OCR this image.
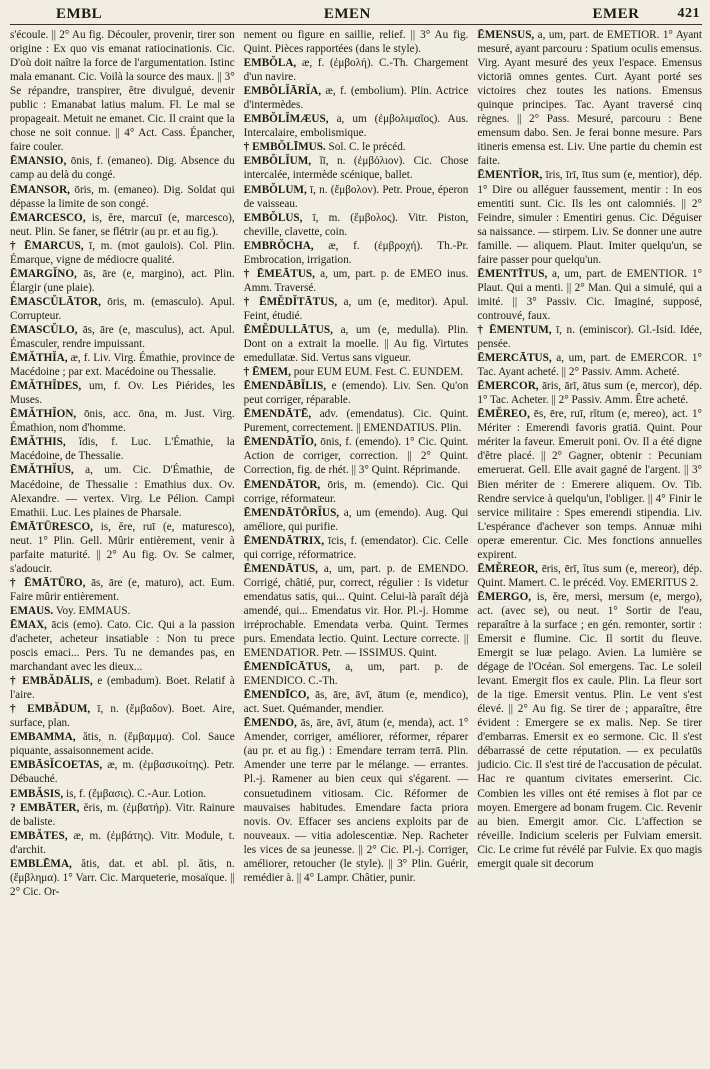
EMBL	EMEN	EMER	421

s'écoule. || 2° Au fig. Découler, provenir, tirer son origine : Ex quo vis emanat ratiocinationis. Cic. D'où doit naître la force de l'argumentation. Istinc mala emanant. Cic. Voilà la source des maux. || 3° Se répandre, transpirer, être divulgué, devenir public : Emanabat latius malum. Fl. Le mal se propageait. Metuit ne emanet. Cic. Il craint que la chose ne soit connue. || 4° Act. Cass. Épancher, faire couler.

ĒMANSIO, ōnis, f. (emaneo). Dig. Absence du camp au delà du congé.

ĒMANSOR, ōris, m. (emaneo). Dig. Soldat qui dépasse la limite de son congé.

ĒMARCESCO, is, ĕre, marcuī (e, marcesco), neut. Plin. Se faner, se flétrir (au pr. et au fig.).

† ĒMARCUS, ī, m. (mot gaulois). Col. Plin. Émarque, vigne de médiocre qualité.

ĒMARGĬNO, ās, āre (e, margino), act. Plin. Élargir (une plaie).

ĒMASCŬLĀTOR, ōris, m. (emasculo). Apul. Corrupteur.

ĒMASCŬLO, ās, āre (e, masculus), act. Apul. Émasculer, rendre impuissant.

ĒMĂTHĬA, æ, f. Liv. Virg. Émathie, province de Macédoine ; par ext. Macédoine ou Thessalie.

ĒMĂTHĬDES, um, f. Ov. Les Piérides, les Muses.

ĒMĂTHĬON, ōnis, acc. ōna, m. Just. Virg. Émathion, nom d'homme.

ĒMĂTHIS, ĭdis, f. Luc. L'Émathie, la Macédoine, de Thessalie.

ĒMĂTHĬUS, a, um. Cic. D'Émathie, de Macédoine, de Thessalie : Emathius dux. Ov. Alexandre. — vertex. Virg. Le Pélion. Campi Emathii. Luc. Les plaines de Pharsale.

ĒMĀTŪRESCO, is, ĕre, ruī (e, maturesco), neut. 1° Plin. Gell. Mûrir entièrement, venir à parfaite maturité. || 2° Au fig. Ov. Se calmer, s'adoucir.

† ĒMĀTŪRO, ās, āre (e, maturo), act. Eum. Faire mûrir entièrement.

EMAUS. Voy. EMMAUS.

ĒMAX, ācis (emo). Cato. Cic. Qui a la passion d'acheter, acheteur insatiable : Non tu prece poscis emaci... Pers. Tu ne demandes pas, en marchandant avec les dieux...

† EMBĂDĀLIS, e (embadum). Boet. Relatif à l'aire.

† EMBĂDUM, ī, n. (ἔμβαδον). Boet. Aire, surface, plan.

EMBAMMA, ătis, n. (ἔμβαμμα). Col. Sauce piquante, assaisonnement acide.

EMBĀSĬCOETAS, æ, m. (ἐμβασικοίτης). Petr. Débauché.

EMBĂSIS, is, f. (ἔμβασις). C.-Aur. Lotion.

? EMBĀTER, ĕris, m. (ἐμβατήρ). Vitr. Rainure de baliste.

EMBĂTES, æ, m. (ἐμβάτης). Vitr. Module, t. d'archit.

EMBLĒMA, ătis, dat. et abl. pl. ătis, n. (ἔμβλημα). 1° Varr. Cic. Marqueterie, mosaïque. || 2° Cic. Or-

nement ou figure en saillie, relief. || 3° Au fig. Quint. Pièces rapportées (dans le style).

EMBŎLA, æ, f. (ἐμβολή). C.-Th. Chargement d'un navire.

EMBŎLĬĀRĬA, æ, f. (embolium). Plin. Actrice d'intermèdes.

EMBŎLĬMÆUS, a, um (ἐμβολιμαῖος). Aus. Intercalaire, embolismique.

† EMBŎLĪMUS. Sol. C. le précéd.

EMBŎLĬUM, ĭī, n. (ἐμβόλιον). Cic. Chose intercalée, intermède scénique, ballet.

EMBŎLUM, ī, n. (ἔμβολον). Petr. Proue, éperon de vaisseau.

EMBŎLUS, ī, m. (ἔμβολος). Vitr. Piston, cheville, clavette, coin.

EMBRŎCHA, æ, f. (ἐμβροχή). Th.-Pr. Embrocation, irrigation.

† ĒMEĀTUS, a, um, part. p. de EMEO inus. Amm. Traversé.

† ĒMĔDĬTĀTUS, a, um (e, meditor). Apul. Feint, étudié.

ĒMĔDULLĀTUS, a, um (e, medulla). Plin. Dont on a extrait la moelle. || Au fig. Virtutes emedullatæ. Sid. Vertus sans vigueur.

† ĒMEM, pour EUM EUM. Fest. C. EUNDEM.

ĒMENDĀBĬLIS, e (emendo). Liv. Sen. Qu'on peut corriger, réparable.

ĒMENDĀTĒ, adv. (emendatus). Cic. Quint. Purement, correctement. || EMENDATIUS. Plin.

ĒMENDĀTĬO, ōnis, f. (emendo). 1° Cic. Quint. Action de corriger, correction. || 2° Quint. Correction, fig. de rhét. || 3° Quint. Réprimande.

ĒMENDĀTOR, ōris, m. (emendo). Cic. Qui corrige, réformateur.

ĒMENDĀTŌRĬUS, a, um (emendo). Aug. Qui améliore, qui purifie.

ĒMENDĀTRIX, īcis, f. (emendator). Cic. Celle qui corrige, réformatrice.

ĒMENDĀTUS, a, um, part. p. de EMENDO. Corrigé, châtié, pur, correct, régulier : Is videtur emendatus satis, qui... Quint. Celui-là paraît déjà amendé, qui... Emendatus vir. Hor. Pl.-j. Homme irréprochable. Emendata verba. Quint. Termes purs. Emendata lectio. Quint. Lecture correcte. || EMENDATIOR. Petr. — ISSIMUS. Quint.

ĒMENDĪCĀTUS, a, um, part. p. de EMENDICO. C.-Th.

ĒMENDĪCO, ās, āre, āvī, ātum (e, mendico), act. Suet. Quémander, mendier.

ĒMENDO, ās, āre, āvī, ātum (e, menda), act. 1° Amender, corriger, améliorer, réformer, réparer (au pr. et au fig.) : Emendare terram terrā. Plin. Amender une terre par le mélange. — errantes. Pl.-j. Ramener au bien ceux qui s'égarent. — consuetudinem vitiosam. Cic. Réformer de mauvaises habitudes. Emendare facta priora novis. Ov. Effacer ses anciens exploits par de nouveaux. — vitia adolescentiæ. Nep. Racheter les vices de sa jeunesse. || 2° Cic. Pl.-j. Corriger, améliorer, retoucher (le style). || 3° Plin. Guérir, remédier à. || 4° Lampr. Châtier, punir.

ĒMENSUS, a, um, part. de EMETIOR. 1° Ayant mesuré, ayant parcouru : Spatium oculis emensus. Virg. Ayant mesuré des yeux l'espace. Emensus victoriā omnes gentes. Curt. Ayant porté ses victoires chez toutes les nations. Emensus quinque principes. Tac. Ayant traversé cinq règnes. || 2° Pass. Mesuré, parcouru : Bene emensum dabo. Sen. Je ferai bonne mesure. Pars itineris emensa est. Liv. Une partie du chemin est faite.

ĒMENTĬOR, īris, īrī, ītus sum (e, mentior), dép. 1° Dire ou alléguer faussement, mentir : In eos ementiti sunt. Cic. Ils les ont calomniés. || 2° Feindre, simuler : Ementiri genus. Cic. Déguiser sa naissance. — stirpem. Liv. Se donner une autre famille. — aliquem. Plaut. Imiter quelqu'un, se faire passer pour quelqu'un.

ĒMENTĪTUS, a, um, part. de EMENTIOR. 1° Plaut. Qui a menti. || 2° Man. Qui a simulé, qui a imité. || 3° Passiv. Cic. Imaginé, supposé, controuvé, faux.

† ĒMENTUM, ī, n. (eminiscor). Gl.-Isid. Idée, pensée.

ĒMERCĀTUS, a, um, part. de EMERCOR. 1° Tac. Ayant acheté. || 2° Passiv. Amm. Acheté.

ĒMERCOR, āris, ārī, ātus sum (e, mercor), dép. 1° Tac. Acheter. || 2° Passiv. Amm. Être acheté.

ĒMĔREO, ēs, ēre, ruī, rĭtum (e, mereo), act. 1° Mériter : Emerendi favoris gratiā. Quint. Pour mériter la faveur. Emeruit poni. Ov. Il a été digne d'être placé. || 2° Gagner, obtenir : Pecuniam emeruerat. Gell. Elle avait gagné de l'argent. || 3° Bien mériter de : Emerere aliquem. Ov. Tib. Rendre service à quelqu'un, l'obliger. || 4° Finir le service militaire : Spes emerendi stipendia. Liv. L'espérance d'achever son temps. Annuæ mihi operæ emerentur. Cic. Mes fonctions annuelles expirent.

ĒMĔREOR, ēris, ērī, ĭtus sum (e, mereor), dép. Quint. Mamert. C. le précéd. Voy. EMERITUS 2.

ĒMERGO, is, ĕre, mersi, mersum (e, mergo), act. (avec se), ou neut. 1° Sortir de l'eau, reparaître à la surface ; en gén. remonter, sortir : Emersit e flumine. Cic. Il sortit du fleuve. Emergit se luæ pelago. Avien. La lumière se dégage de l'Océan. Sol emergens. Tac. Le soleil levant. Emergit flos ex caule. Plin. La fleur sort de la tige. Emersit ventus. Plin. Le vent s'est élevé. || 2° Au fig. Se tirer de ; apparaître, être évident : Emergere se ex malis. Nep. Se tirer d'embarras. Emersit ex eo sermone. Cic. Il s'est débarrassé de cette réputation. — ex peculatūs judicio. Cic. Il s'est tiré de l'accusation de péculat. Hac re quantum civitates emerserint. Cic. Combien les villes ont été remises à flot par ce moyen. Emergere ad bonam frugem. Cic. Revenir au bien. Emergit amor. Cic. L'affection se réveille. Indicium sceleris per Fulviam emersit. Cic. Le crime fut révélé par Fulvie. Ex quo magis emergit quale sit decorum
